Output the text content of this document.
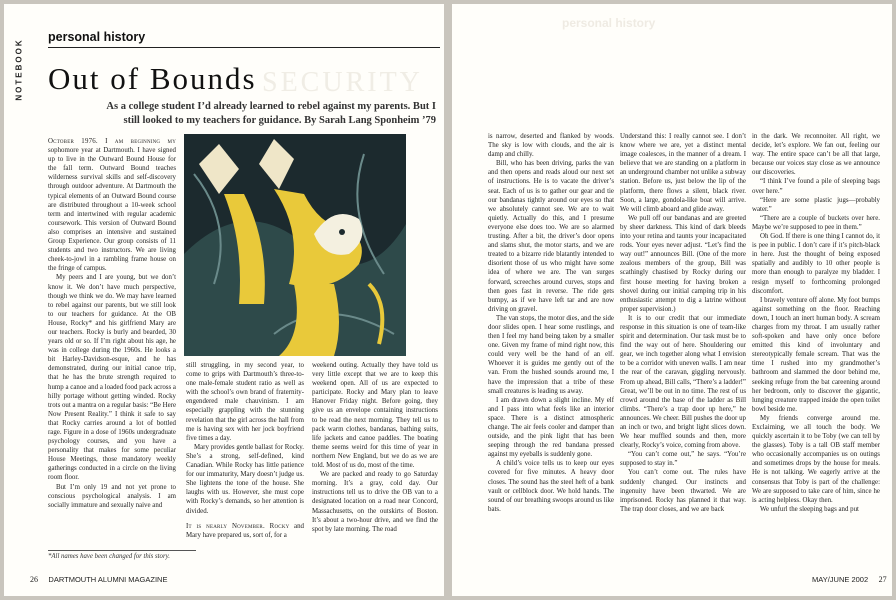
NOTEBOOK
personal history
SECURITY
Out of Bounds
As a college student I’d already learned to rebel against my parents. But I still looked to my teachers for guidance. By Sarah Lang Sponheim ’79

October 1976. I am beginning my sophomore year at Dartmouth. I have signed up to live in the Outward Bound House for the fall term. Outward Bound teaches wilderness survival skills and self-discovery through outdoor adventure. At Dartmouth the typical elements of an Outward Bound course are distributed throughout a 10-week school term and intertwined with regular academic coursework. This version of Outward Bound also comprises an intensive and sustained Group Experience. Our group consists of 11 students and two instructors. We are living cheek-to-jowl in a rambling frame house on the fringe of campus.

My peers and I are young, but we don’t know it. We don’t have much perspective, though we think we do. We may have learned to rebel against our parents, but we still look to our teachers for guidance. At the OB House, Rocky* and his girlfriend Mary are our teachers. Rocky is burly and bearded, 30 years old or so. If I’m right about his age, he was in college during the 1960s. He looks a bit Harley-Davidson-esque, and he has demonstrated, during our initial canoe trip, that he has the brute strength required to hump a canoe and a loaded food pack across a hilly portage without getting winded. Rocky trots out a mantra on a regular basis: “Be Here Now Present Reality.” I think it safe to say that Rocky carries around a lot of bottled rage. Figure in a dose of 1960s undergraduate psychology courses, and you have a personality that makes for some peculiar House Meetings, those mandatory weekly gatherings conducted in a circle on the living room floor.

But I’m only 19 and not yet prone to conscious psychological analysis. I am socially immature and sexually naive and

*All names have been changed for this story.

still struggling, in my second year, to come to grips with Dartmouth’s three-to-one male-female student ratio as well as with the school’s own brand of fraternity-engendered male chauvinism. I am especially grappling with the stunning revelation that the girl across the hall from me is having sex with her jock boyfriend five times a day.

Mary provides gentle ballast for Rocky. She’s a strong, self-defined, kind Canadian. While Rocky has little patience for our immaturity, Mary doesn’t judge us. She lightens the tone of the house. She laughs with us. However, she must cope with Rocky’s demands, so her attention is divided.

It is nearly November. Rocky and Mary have prepared us, sort of, for a

weekend outing. Actually they have told us very little except that we are to keep this weekend open. All of us are expected to participate. Rocky and Mary plan to leave Hanover Friday night. Before going, they give us an envelope containing instructions to be read the next morning. They tell us to pack warm clothes, bandanas, bathing suits, life jackets and canoe paddles. The boating theme seems weird for this time of year in northern New England, but we do as we are told. Most of us do, most of the time.

We are packed and ready to go Saturday morning. It’s a gray, cold day. Our instructions tell us to drive the OB van to a designated location on a road near Concord, Massachusetts, on the outskirts of Boston. It’s about a two-hour drive, and we find the spot by late morning. The road

26 DARTMOUTH ALUMNI MAGAZINE
personal history

is narrow, deserted and flanked by woods. The sky is low with clouds, and the air is damp and chilly.

Bill, who has been driving, parks the van and then opens and reads aloud our next set of instructions. He is to vacate the driver’s seat. Each of us is to gather our gear and tie our bandanas tightly around our eyes so that we absolutely cannot see. We are to wait quietly. Actually do this, and I presume everyone else does too. We are so alarmed trusting. After a bit, the driver’s door opens and slams shut, the motor starts, and we are treated to a bizarre ride blatantly intended to disorient those of us who might have some idea of where we are. The van surges forward, screeches around curves, stops and then goes fast in reverse. The ride gets bumpy, as if we have left tar and are now driving on gravel.

The van stops, the motor dies, and the side door slides open. I hear some rustlings, and then I feel my hand being taken by a smaller one. Given my frame of mind right now, this could very well be the hand of an elf. Whoever it is guides me gently out of the van. From the hushed sounds around me, I have the impression that a tribe of these small creatures is leading us away.

I am drawn down a slight incline. My elf and I pass into what feels like an interior space. There is a distinct atmospheric change. The air feels cooler and damper than outside, and the pink light that has been seeping through the red bandana pressed against my eyeballs is suddenly gone.

A child’s voice tells us to keep our eyes covered for five minutes. A heavy door closes. The sound has the steel heft of a bank vault or cellblock door. We hold hands. The sound of our breathing swoops around us like bats.

Understand this: I really cannot see. I don’t know where we are, yet a distinct mental image coalesces, in the manner of a dream. I believe that we are standing on a platform in an underground chamber not unlike a subway station. Before us, just below the lip of the platform, there flows a silent, black river. Soon, a large, gondola-like boat will arrive. We will climb aboard and glide away.

We pull off our bandanas and are greeted by sheer darkness. This kind of dark bleeds into your retina and taunts your incapacitated rods. Your eyes never adjust. “Let’s find the way out!” announces Bill. (One of the more zealous members of the group, Bill was scathingly chastised by Rocky during our first house meeting for having broken a shovel during our initial camping trip in his enthusiastic attempt to dig a latrine without proper supervision.)

It is to our credit that our immediate response in this situation is one of team-like spirit and determination. Our task must be to find the way out of here. Shouldering our gear, we inch together along what I envision to be a corridor with uneven walls. I am near the rear of the caravan, giggling nervously. From up ahead, Bill calls, “There’s a ladder!” Great, we’ll be out in no time. The rest of us crowd around the base of the ladder as Bill climbs. “There’s a trap door up here,” he announces. We cheer. Bill pushes the door up an inch or two, and bright light slices down. We hear muffled sounds and then, more clearly, Rocky’s voice, coming from above.

“You can’t come out,” he says. “You’re supposed to stay in.”

You can’t come out. The rules have suddenly changed. Our instincts and ingenuity have been thwarted. We are imprisoned. Rocky has planned it that way. The trap door closes, and we are back

in the dark. We reconnoiter. All right, we decide, let’s explore. We fan out, feeling our way. The entire space can’t be all that large, because our voices stay close as we announce our discoveries.

“I think I’ve found a pile of sleeping bags over here.”

“Here are some plastic jugs—probably water.”

“There are a couple of buckets over here. Maybe we’re supposed to pee in them.”

Oh God. If there is one thing I cannot do, it is pee in public. I don’t care if it’s pitch-black in here. Just the thought of being exposed spatially and audibly to 10 other people is more than enough to paralyze my bladder. I resign myself to forthcoming prolonged discomfort.

I bravely venture off alone. My foot bumps against something on the floor. Reaching down, I touch an inert human body. A scream charges from my throat. I am usually rather soft-spoken and have only once before emitted this kind of involuntary and stereotypically female scream. That was the time I rushed into my grandmother’s bathroom and slammed the door behind me, seeking refuge from the bat careening around her bedroom, only to discover the gigantic, lunging creature trapped inside the open toilet bowl beside me.

My friends converge around me. Exclaiming, we all touch the body. We quickly ascertain it to be Toby (we can tell by the glasses). Toby is a tall OB staff member who occasionally accompanies us on outings and sometimes drops by the house for meals. He is not talking. We eagerly arrive at the consensus that Toby is part of the challenge: We are supposed to take care of him, since he is acting helpless. Okay then.

We unfurl the sleeping bags and put

MAY/JUNE 2002 27
